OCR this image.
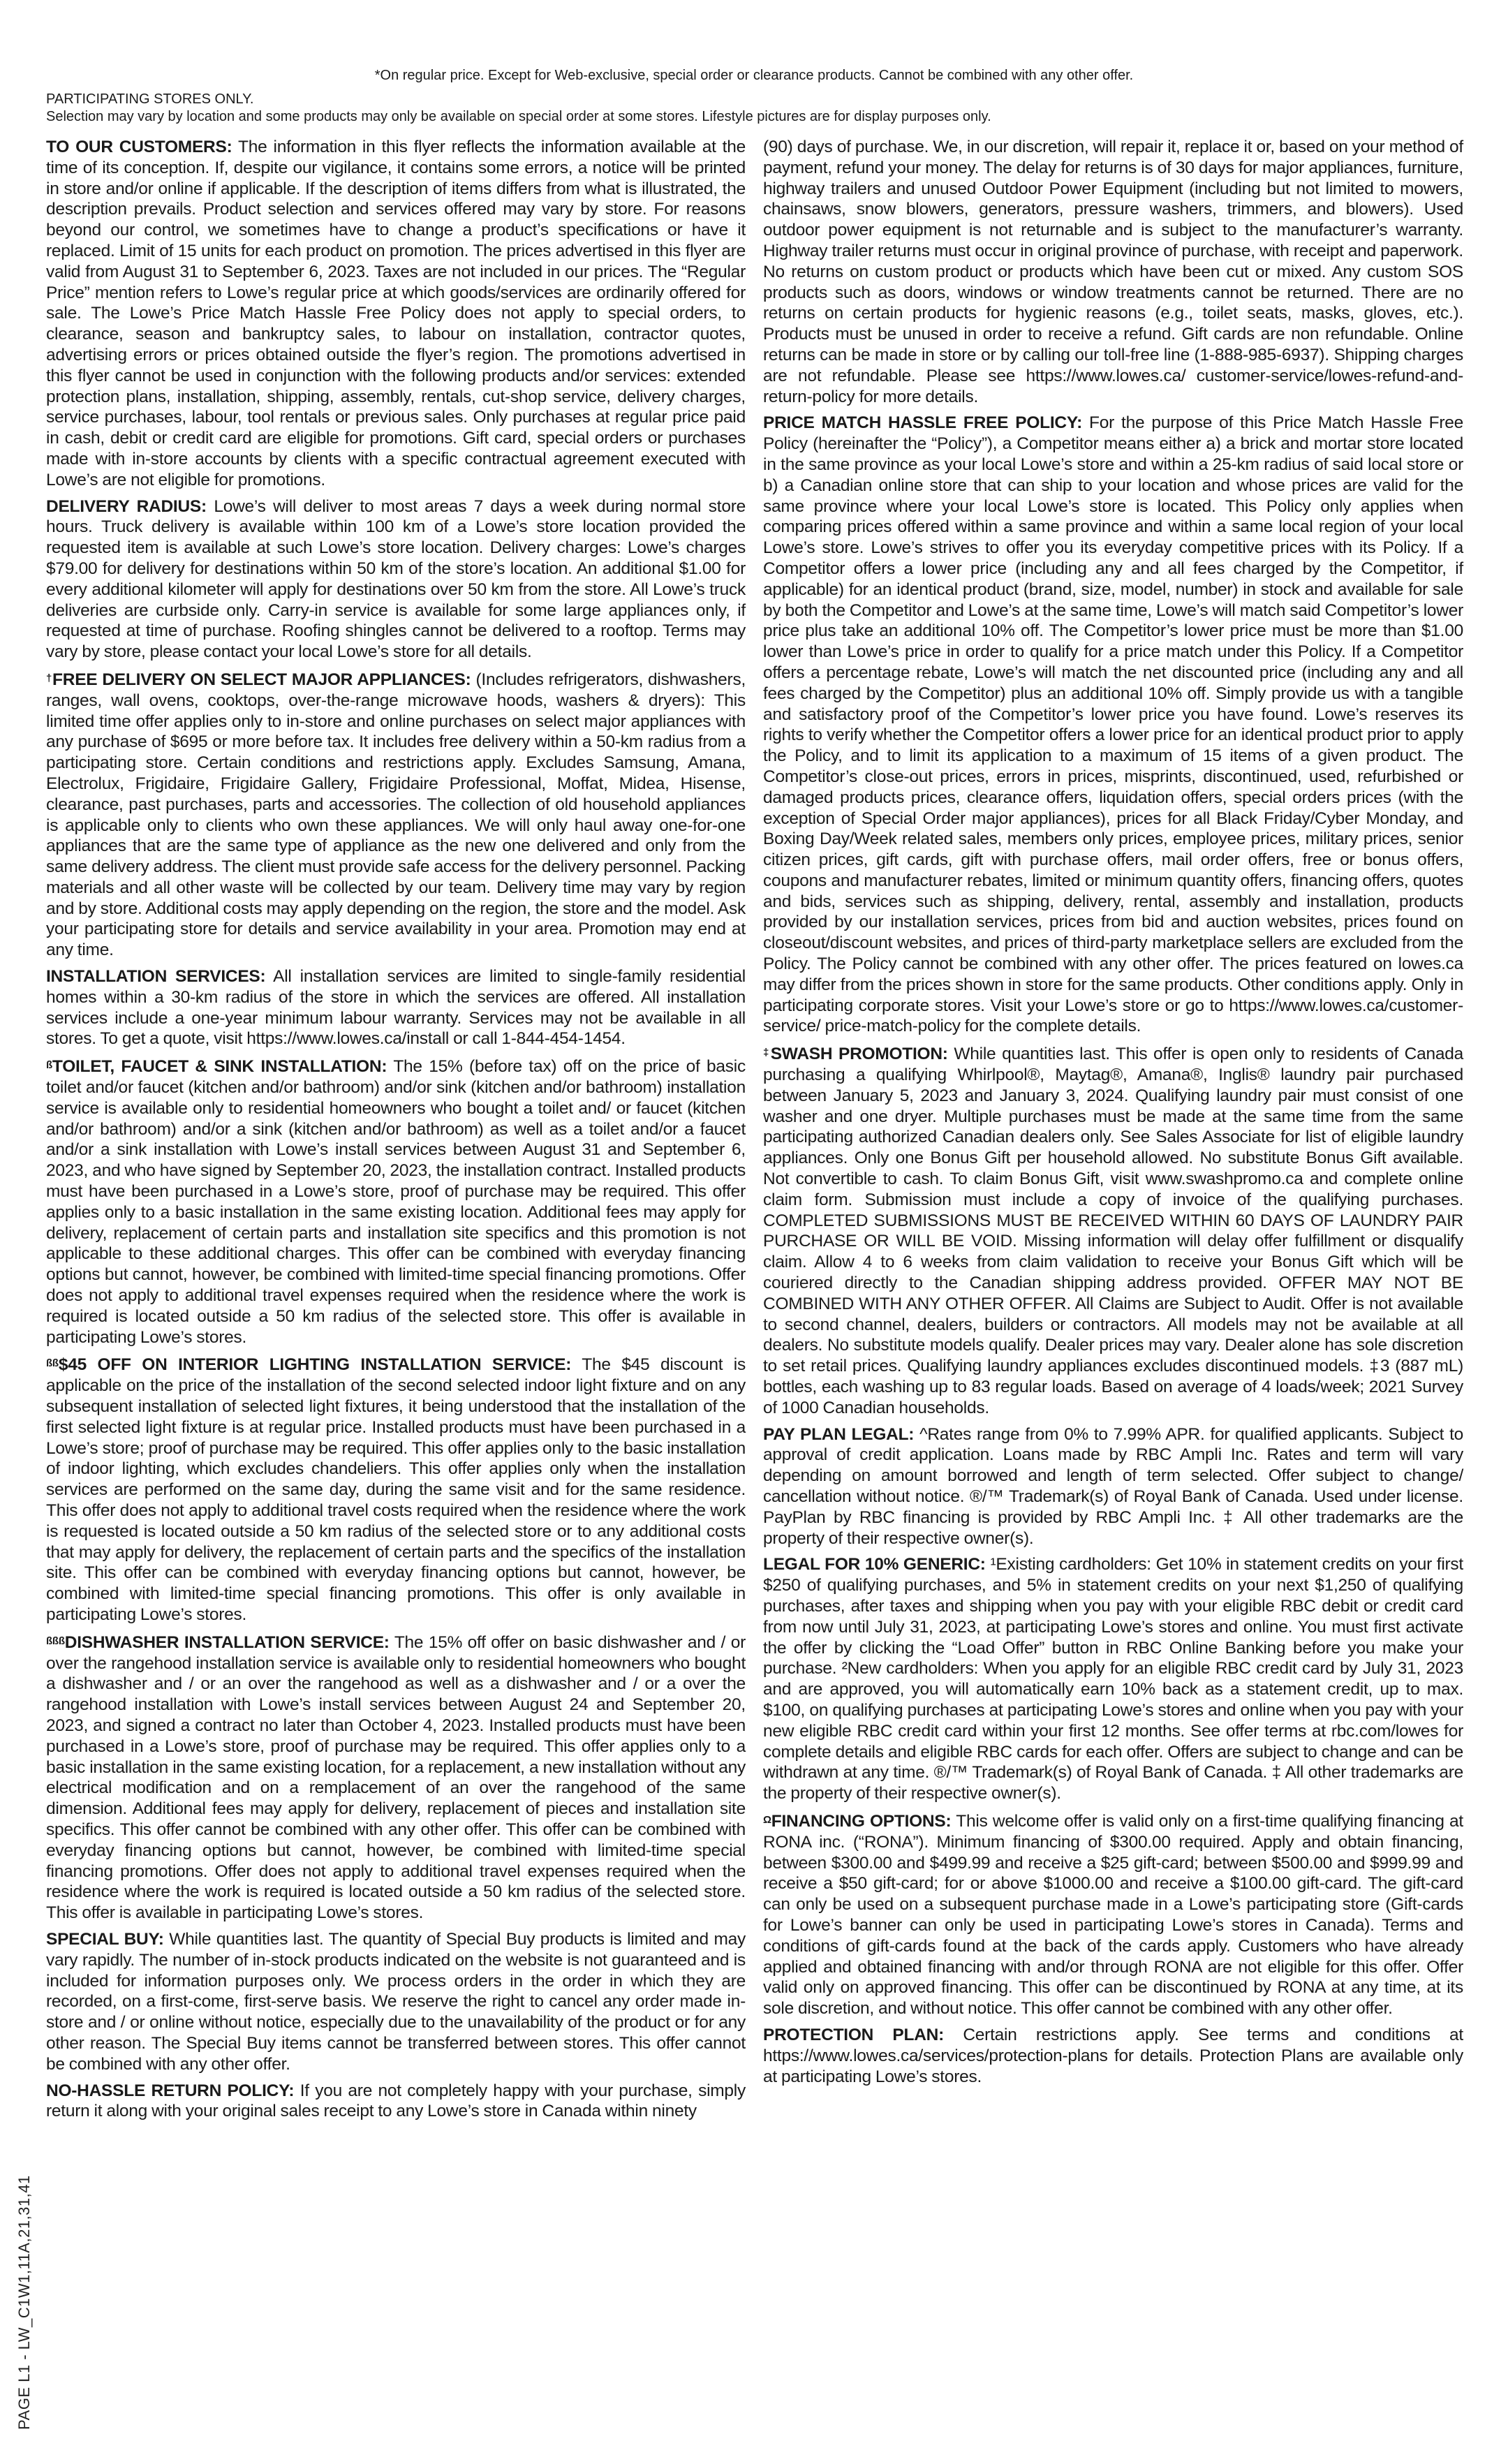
*On regular price. Except for Web-exclusive, special order or clearance products. Cannot be combined with any other offer.
PARTICIPATING STORES ONLY.
Selection may vary by location and some products may only be available on special order at some stores. Lifestyle pictures are for display purposes only.

TO OUR CUSTOMERS: The information in this flyer reflects the information available at the time of its conception. If, despite our vigilance, it contains some errors, a notice will be printed in store and/or online if applicable. If the description of items differs from what is illustrated, the description prevails. Product selection and services offered may vary by store. For reasons beyond our control, we sometimes have to change a product’s specifications or have it replaced. Limit of 15 units for each product on promotion. The prices advertised in this flyer are valid from August 31 to September 6, 2023. Taxes are not included in our prices. The “Regular Price” mention refers to Lowe’s regular price at which goods/services are ordinarily offered for sale. The Lowe’s Price Match Hassle Free Policy does not apply to special orders, to clearance, season and bankruptcy sales, to labour on installation, contractor quotes, advertising errors or prices obtained outside the flyer’s region. The promotions advertised in this flyer cannot be used in conjunction with the following products and/or services: extended protection plans, installation, shipping, assembly, rentals, cut-shop service, delivery charges, service purchases, labour, tool rentals or previous sales. Only purchases at regular price paid in cash, debit or credit card are eligible for promotions. Gift card, special orders or purchases made with in-store accounts by clients with a specific contractual agreement executed with Lowe’s are not eligible for promotions.

DELIVERY RADIUS: Lowe’s will deliver to most areas 7 days a week during normal store hours. Truck delivery is available within 100 km of a Lowe’s store location provided the requested item is available at such Lowe’s store location. Delivery charges: Lowe’s charges $79.00 for delivery for destinations within 50 km of the store’s location. An additional $1.00 for every additional kilometer will apply for destinations over 50 km from the store. All Lowe’s truck deliveries are curbside only. Carry-in service is available for some large appliances only, if requested at time of purchase. Roofing shingles cannot be delivered to a rooftop. Terms may vary by store, please contact your local Lowe’s store for all details.

†FREE DELIVERY ON SELECT MAJOR APPLIANCES: (Includes refrigerators, dishwashers, ranges, wall ovens, cooktops, over-the-range microwave hoods, washers & dryers): This limited time offer applies only to in-store and online purchases on select major appliances with any purchase of $695 or more before tax. It includes free delivery within a 50-km radius from a participating store. Certain conditions and restrictions apply. Excludes Samsung, Amana, Electrolux, Frigidaire, Frigidaire Gallery, Frigidaire Professional, Moffat, Midea, Hisense, clearance, past purchases, parts and accessories. The collection of old household appliances is applicable only to clients who own these appliances. We will only haul away one-for-one appliances that are the same type of appliance as the new one delivered and only from the same delivery address. The client must provide safe access for the delivery personnel. Packing materials and all other waste will be collected by our team. Delivery time may vary by region and by store. Additional costs may apply depending on the region, the store and the model. Ask your participating store for details and service availability in your area. Promotion may end at any time.

INSTALLATION SERVICES: All installation services are limited to single-family residential homes within a 30-km radius of the store in which the services are offered. All installation services include a one-year minimum labour warranty. Services may not be available in all stores. To get a quote, visit https://www.lowes.ca/install or call 1-844-454-1454.

$^ß$TOILET, FAUCET & SINK INSTALLATION: The 15% (before tax) off on the price of basic toilet and/or faucet (kitchen and/or bathroom) and/or sink (kitchen and/or bathroom) installation service is available only to residential homeowners who bought a toilet and/ or faucet (kitchen and/or bathroom) and/or a sink (kitchen and/or bathroom) as well as a toilet and/or a faucet and/or a sink installation with Lowe’s install services between August 31 and September 6, 2023, and who have signed by September 20, 2023, the installation contract. Installed products must have been purchased in a Lowe’s store, proof of purchase may be required. This offer applies only to a basic installation in the same existing location. Additional fees may apply for delivery, replacement of certain parts and installation site specifics and this promotion is not applicable to these additional charges. This offer can be combined with everyday financing options but cannot, however, be combined with limited-time special financing promotions. Offer does not apply to additional travel expenses required when the residence where the work is required is located outside a 50 km radius of the selected store. This offer is available in participating Lowe’s stores.

$^{ßß}$\$45 OFF ON INTERIOR LIGHTING INSTALLATION SERVICE: The $45 discount is applicable on the price of the installation of the second selected indoor light fixture and on any subsequent installation of selected light fixtures, it being understood that the installation of the first selected light fixture is at regular price. Installed products must have been purchased in a Lowe’s store; proof of purchase may be required. This offer applies only to the basic installation of indoor lighting, which excludes chandeliers. This offer applies only when the installation services are performed on the same day, during the same visit and for the same residence. This offer does not apply to additional travel costs required when the residence where the work is requested is located outside a 50 km radius of the selected store or to any additional costs that may apply for delivery, the replacement of certain parts and the specifics of the installation site. This offer can be combined with everyday financing options but cannot, however, be combined with limited-time special financing promotions. This offer is only available in participating Lowe’s stores.

$^{ßßß}$DISHWASHER INSTALLATION SERVICE: The 15% off offer on basic dishwasher and / or over the rangehood installation service is available only to residential homeowners who bought a dishwasher and / or an over the rangehood as well as a dishwasher and / or a over the rangehood installation with Lowe’s install services between August 24 and September 20, 2023, and signed a contract no later than October 4, 2023. Installed products must have been purchased in a Lowe’s store, proof of purchase may be required. This offer applies only to a basic installation in the same existing location, for a replacement, a new installation without any electrical modification and on a remplacement of an over the rangehood of the same dimension. Additional fees may apply for delivery, replacement of pieces and installation site specifics. This offer cannot be combined with any other offer. This offer can be combined with everyday financing options but cannot, however, be combined with limited-time special financing promotions. Offer does not apply to additional travel expenses required when the residence where the work is required is located outside a 50 km radius of the selected store. This offer is available in participating Lowe’s stores.

SPECIAL BUY: While quantities last. The quantity of Special Buy products is limited and may vary rapidly. The number of in-stock products indicated on the website is not guaranteed and is included for information purposes only. We process orders in the order in which they are recorded, on a first-come, first-serve basis. We reserve the right to cancel any order made in-store and / or online without notice, especially due to the unavailability of the product or for any other reason. The Special Buy items cannot be transferred between stores. This offer cannot be combined with any other offer.

NO-HASSLE RETURN POLICY: If you are not completely happy with your purchase, simply return it along with your original sales receipt to any Lowe’s store in Canada within ninety

(90) days of purchase. We, in our discretion, will repair it, replace it or, based on your method of payment, refund your money. The delay for returns is of 30 days for major appliances, furniture, highway trailers and unused Outdoor Power Equipment (including but not limited to mowers, chainsaws, snow blowers, generators, pressure washers, trimmers, and blowers). Used outdoor power equipment is not returnable and is subject to the manufacturer’s warranty. Highway trailer returns must occur in original province of purchase, with receipt and paperwork. No returns on custom product or products which have been cut or mixed. Any custom SOS products such as doors, windows or window treatments cannot be returned. There are no returns on certain products for hygienic reasons (e.g., toilet seats, masks, gloves, etc.). Products must be unused in order to receive a refund. Gift cards are non refundable. Online returns can be made in store or by calling our toll-free line (1-888-985-6937). Shipping charges are not refundable. Please see https://www.lowes.ca/ customer-service/lowes-refund-and-return-policy for more details.

PRICE MATCH HASSLE FREE POLICY: For the purpose of this Price Match Hassle Free Policy (hereinafter the “Policy”), a Competitor means either a) a brick and mortar store located in the same province as your local Lowe’s store and within a 25-km radius of said local store or b) a Canadian online store that can ship to your location and whose prices are valid for the same province where your local Lowe’s store is located. This Policy only applies when comparing prices offered within a same province and within a same local region of your local Lowe’s store. Lowe’s strives to offer you its everyday competitive prices with its Policy. If a Competitor offers a lower price (including any and all fees charged by the Competitor, if applicable) for an identical product (brand, size, model, number) in stock and available for sale by both the Competitor and Lowe’s at the same time, Lowe’s will match said Competitor’s lower price plus take an additional 10% off. The Competitor’s lower price must be more than $1.00 lower than Lowe’s price in order to qualify for a price match under this Policy. If a Competitor offers a percentage rebate, Lowe’s will match the net discounted price (including any and all fees charged by the Competitor) plus an additional 10% off. Simply provide us with a tangible and satisfactory proof of the Competitor’s lower price you have found. Lowe’s reserves its rights to verify whether the Competitor offers a lower price for an identical product prior to apply the Policy, and to limit its application to a maximum of 15 items of a given product. The Competitor’s close-out prices, errors in prices, misprints, discontinued, used, refurbished or damaged products prices, clearance offers, liquidation offers, special orders prices (with the exception of Special Order major appliances), prices for all Black Friday/Cyber Monday, and Boxing Day/Week related sales, members only prices, employee prices, military prices, senior citizen prices, gift cards, gift with purchase offers, mail order offers, free or bonus offers, coupons and manufacturer rebates, limited or minimum quantity offers, financing offers, quotes and bids, services such as shipping, delivery, rental, assembly and installation, products provided by our installation services, prices from bid and auction websites, prices found on closeout/discount websites, and prices of third-party marketplace sellers are excluded from the Policy. The Policy cannot be combined with any other offer. The prices featured on lowes.ca may differ from the prices shown in store for the same products. Other conditions apply. Only in participating corporate stores. Visit your Lowe’s store or go to https://www.lowes.ca/customer-service/ price-match-policy for the complete details.

‡SWASH PROMOTION: While quantities last. This offer is open only to residents of Canada purchasing a qualifying Whirlpool®, Maytag®, Amana®, Inglis® laundry pair purchased between January 5, 2023 and January 3, 2024. Qualifying laundry pair must consist of one washer and one dryer. Multiple purchases must be made at the same time from the same participating authorized Canadian dealers only. See Sales Associate for list of eligible laundry appliances. Only one Bonus Gift per household allowed. No substitute Bonus Gift available. Not convertible to cash. To claim Bonus Gift, visit www.swashpromo.ca and complete online claim form. Submission must include a copy of invoice of the qualifying purchases. COMPLETED SUBMISSIONS MUST BE RECEIVED WITHIN 60 DAYS OF LAUNDRY PAIR PURCHASE OR WILL BE VOID. Missing information will delay offer fulfillment or disqualify claim. Allow 4 to 6 weeks from claim validation to receive your Bonus Gift which will be couriered directly to the Canadian shipping address provided. OFFER MAY NOT BE COMBINED WITH ANY OTHER OFFER. All Claims are Subject to Audit. Offer is not available to second channel, dealers, builders or contractors. All models may not be available at all dealers. No substitute models qualify. Dealer prices may vary. Dealer alone has sole discretion to set retail prices. Qualifying laundry appliances excludes discontinued models. ‡3 (887 mL) bottles, each washing up to 83 regular loads. Based on average of 4 loads/week; 2021 Survey of 1000 Canadian households.

PAY PLAN LEGAL: ^Rates range from 0% to 7.99% APR. for qualified applicants. Subject to approval of credit application. Loans made by RBC Ampli Inc. Rates and term will vary depending on amount borrowed and length of term selected. Offer subject to change/ cancellation without notice. ®/™ Trademark(s) of Royal Bank of Canada. Used under license. PayPlan by RBC financing is provided by RBC Ampli Inc. ‡ All other trademarks are the property of their respective owner(s).

LEGAL FOR 10% GENERIC: ¹Existing cardholders: Get 10% in statement credits on your first $250 of qualifying purchases, and 5% in statement credits on your next $1,250 of qualifying purchases, after taxes and shipping when you pay with your eligible RBC debit or credit card from now until July 31, 2023, at participating Lowe’s stores and online. You must first activate the offer by clicking the “Load Offer” button in RBC Online Banking before you make your purchase. ²New cardholders: When you apply for an eligible RBC credit card by July 31, 2023 and are approved, you will automatically earn 10% back as a statement credit, up to max. $100, on qualifying purchases at participating Lowe’s stores and online when you pay with your new eligible RBC credit card within your first 12 months. See offer terms at rbc.com/lowes for complete details and eligible RBC cards for each offer. Offers are subject to change and can be withdrawn at any time. ®/™ Trademark(s) of Royal Bank of Canada. ‡ All other trademarks are the property of their respective owner(s).

$^\Omega$FINANCING OPTIONS: This welcome offer is valid only on a first-time qualifying financing at RONA inc. (“RONA”). Minimum financing of $300.00 required. Apply and obtain financing, between $300.00 and $499.99 and receive a $25 gift-card; between $500.00 and $999.99 and receive a $50 gift-card; for or above $1000.00 and receive a $100.00 gift-card. The gift-card can only be used on a subsequent purchase made in a Lowe’s participating store (Gift-cards for Lowe’s banner can only be used in participating Lowe’s stores in Canada). Terms and conditions of gift-cards found at the back of the cards apply. Customers who have already applied and obtained financing with and/or through RONA are not eligible for this offer. Offer valid only on approved financing. This offer can be discontinued by RONA at any time, at its sole discretion, and without notice. This offer cannot be combined with any other offer.

PROTECTION PLAN: Certain restrictions apply. See terms and conditions at https://www.lowes.ca/services/protection-plans for details. Protection Plans are available only at participating Lowe’s stores.

PAGE L1 - LW_C1W1,11A,21,31,41
